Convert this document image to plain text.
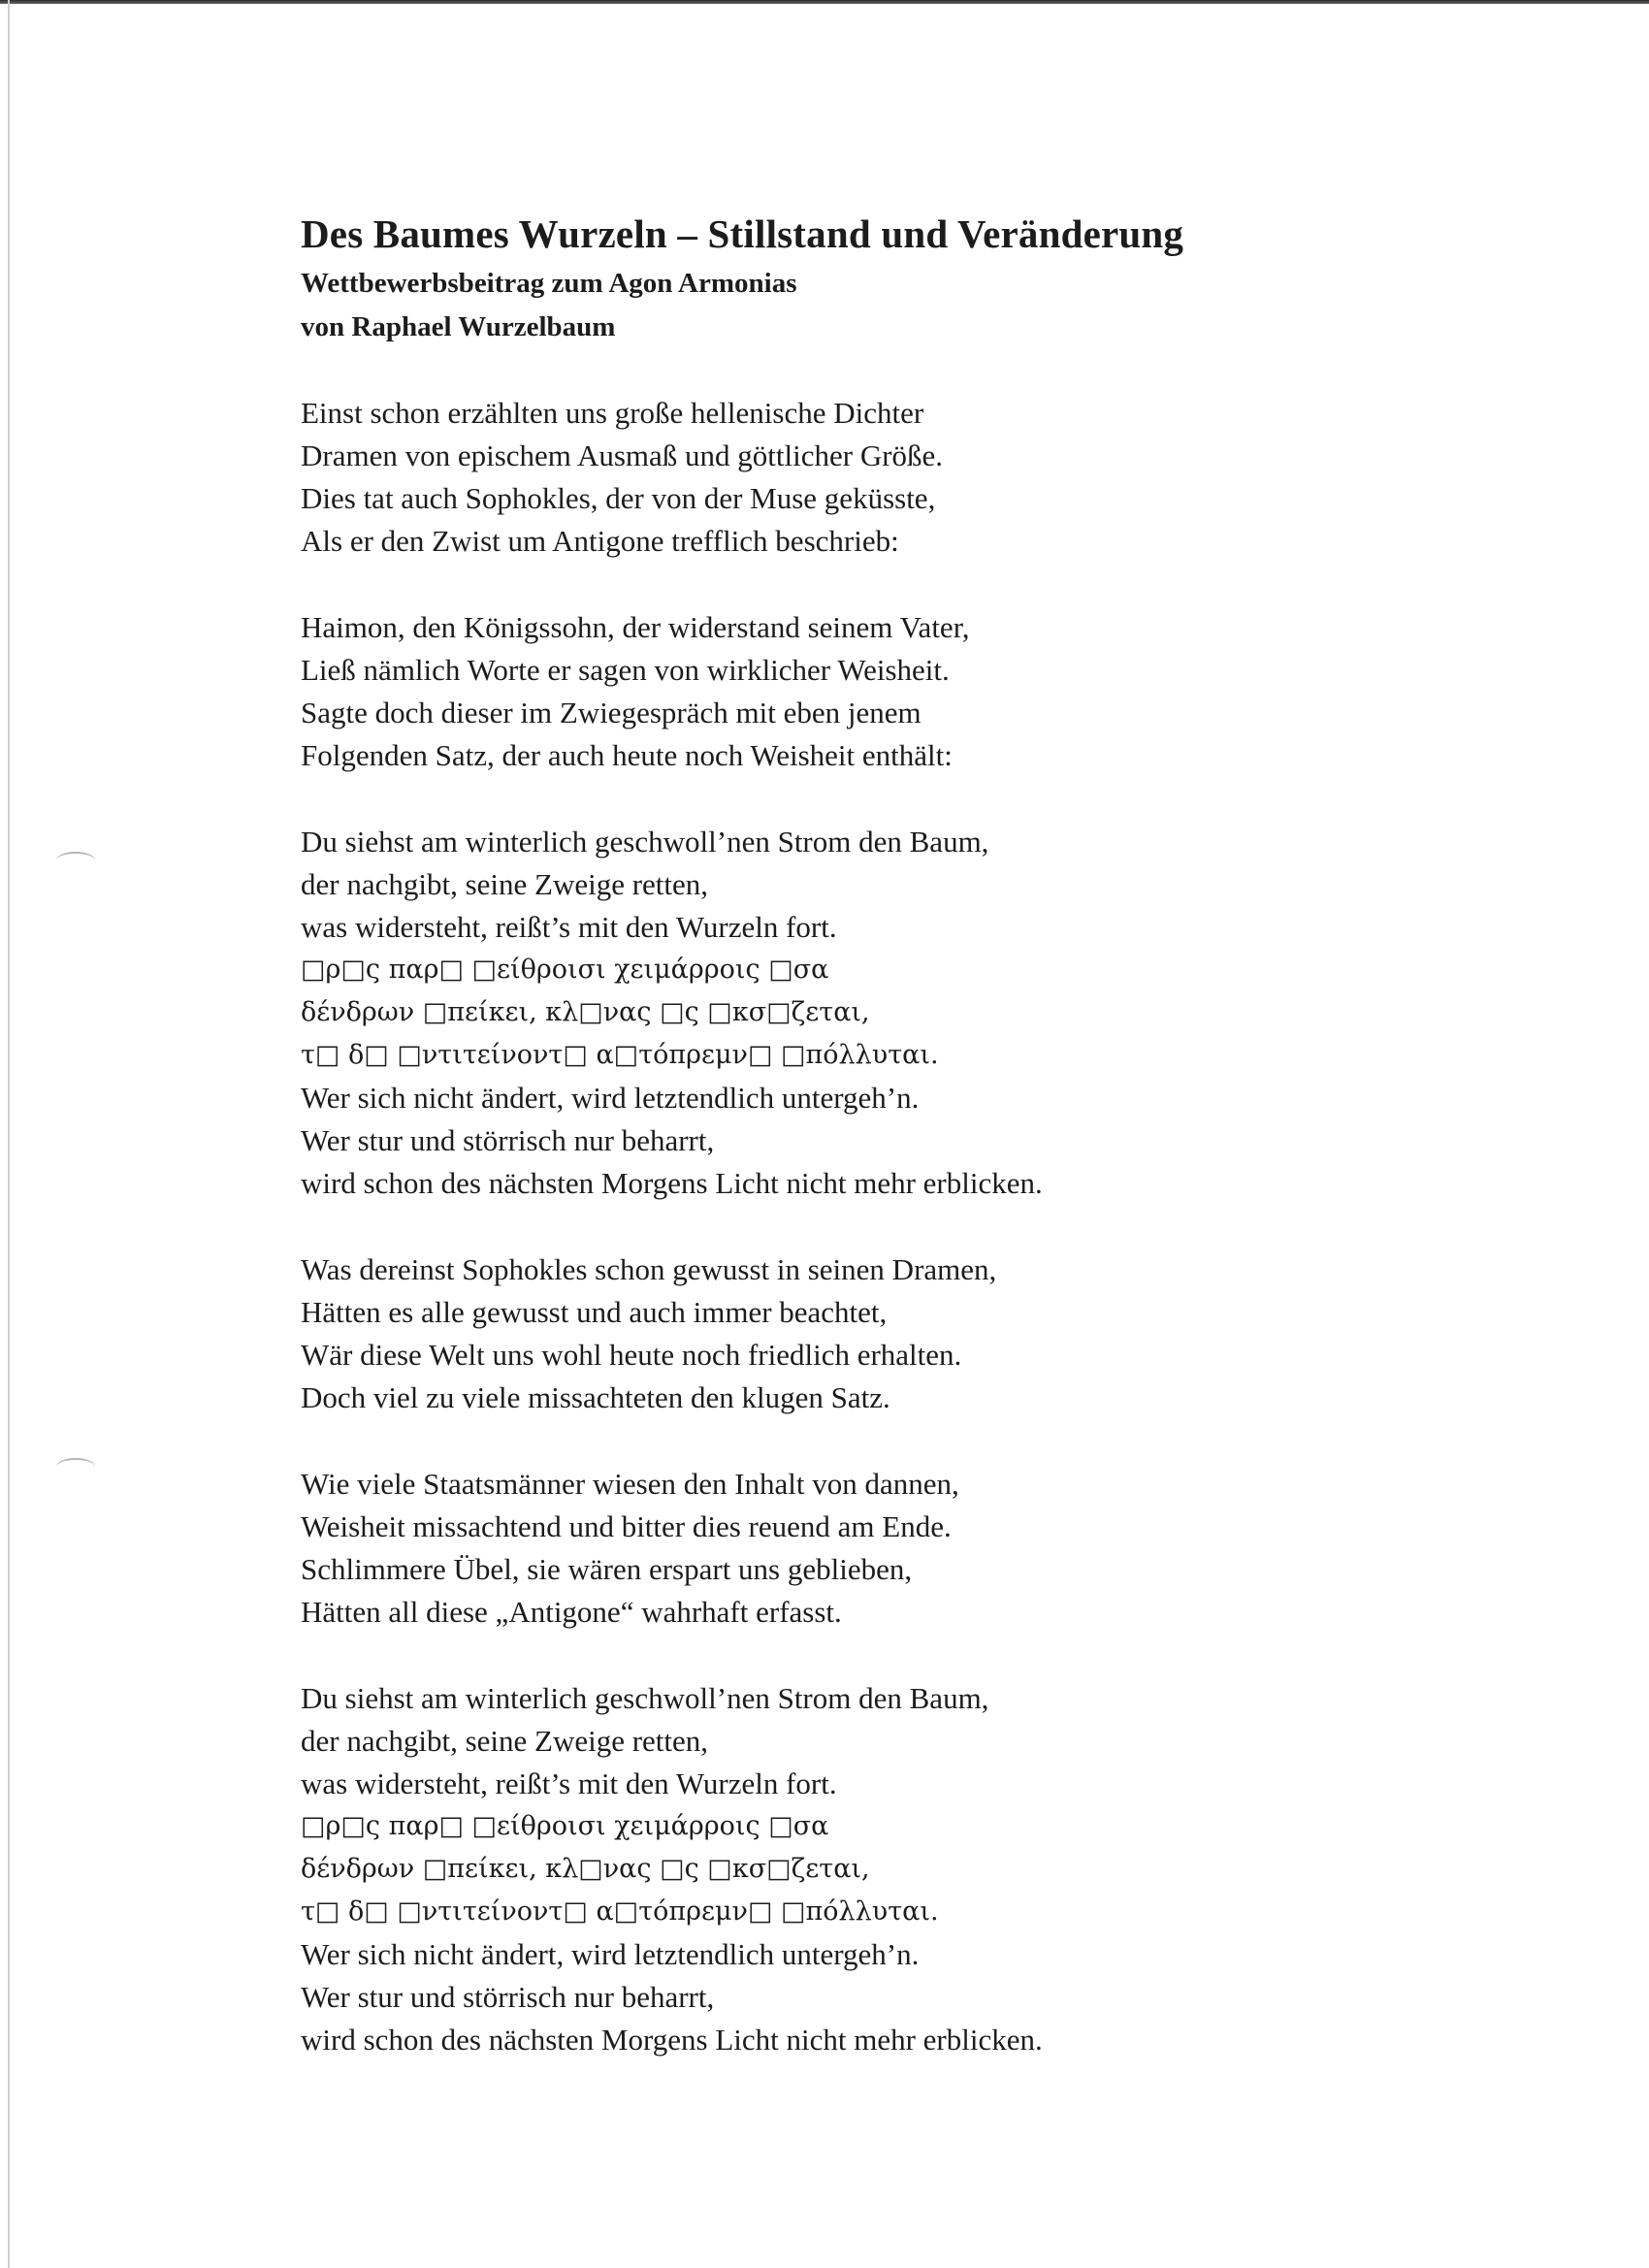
Des Baumes Wurzeln – Stillstand und Veränderung

Wettbewerbsbeitrag zum Agon Armonias

von Raphael Wurzelbaum

Einst schon erzählten uns große hellenische Dichter
Dramen von epischem Ausmaß und göttlicher Größe.
Dies tat auch Sophokles, der von der Muse geküsste,
Als er den Zwist um Antigone trefflich beschrieb:
Haimon, den Königssohn, der widerstand seinem Vater,
Ließ nämlich Worte er sagen von wirklicher Weisheit.
Sagte doch dieser im Zwiegespräch mit eben jenem
Folgenden Satz, der auch heute noch Weisheit enthält:
Du siehst am winterlich geschwoll’nen Strom den Baum,
der nachgibt, seine Zweige retten,
was widersteht, reißt’s mit den Wurzeln fort.
□ρ□ς παρ□ □είθροισι χειμάρροις □σα
δένδρων □πείκει, κλ□νας □ς □κσ□ζεται,
τ□ δ□ □ντιτείνοντ□ α□τόπρεμν□ □πόλλυται.
Wer sich nicht ändert, wird letztendlich untergeh’n.
Wer stur und störrisch nur beharrt,
wird schon des nächsten Morgens Licht nicht mehr erblicken.
Was dereinst Sophokles schon gewusst in seinen Dramen,
Hätten es alle gewusst und auch immer beachtet,
Wär diese Welt uns wohl heute noch friedlich erhalten.
Doch viel zu viele missachteten den klugen Satz.
Wie viele Staatsmänner wiesen den Inhalt von dannen,
Weisheit missachtend und bitter dies reuend am Ende.
Schlimmere Übel, sie wären erspart uns geblieben,
Hätten all diese „Antigone“ wahrhaft erfasst.
Du siehst am winterlich geschwoll’nen Strom den Baum,
der nachgibt, seine Zweige retten,
was widersteht, reißt’s mit den Wurzeln fort.
□ρ□ς παρ□ □είθροισι χειμάρροις □σα
δένδρων □πείκει, κλ□νας □ς □κσ□ζεται,
τ□ δ□ □ντιτείνοντ□ α□τόπρεμν□ □πόλλυται.
Wer sich nicht ändert, wird letztendlich untergeh’n.
Wer stur und störrisch nur beharrt,
wird schon des nächsten Morgens Licht nicht mehr erblicken.
